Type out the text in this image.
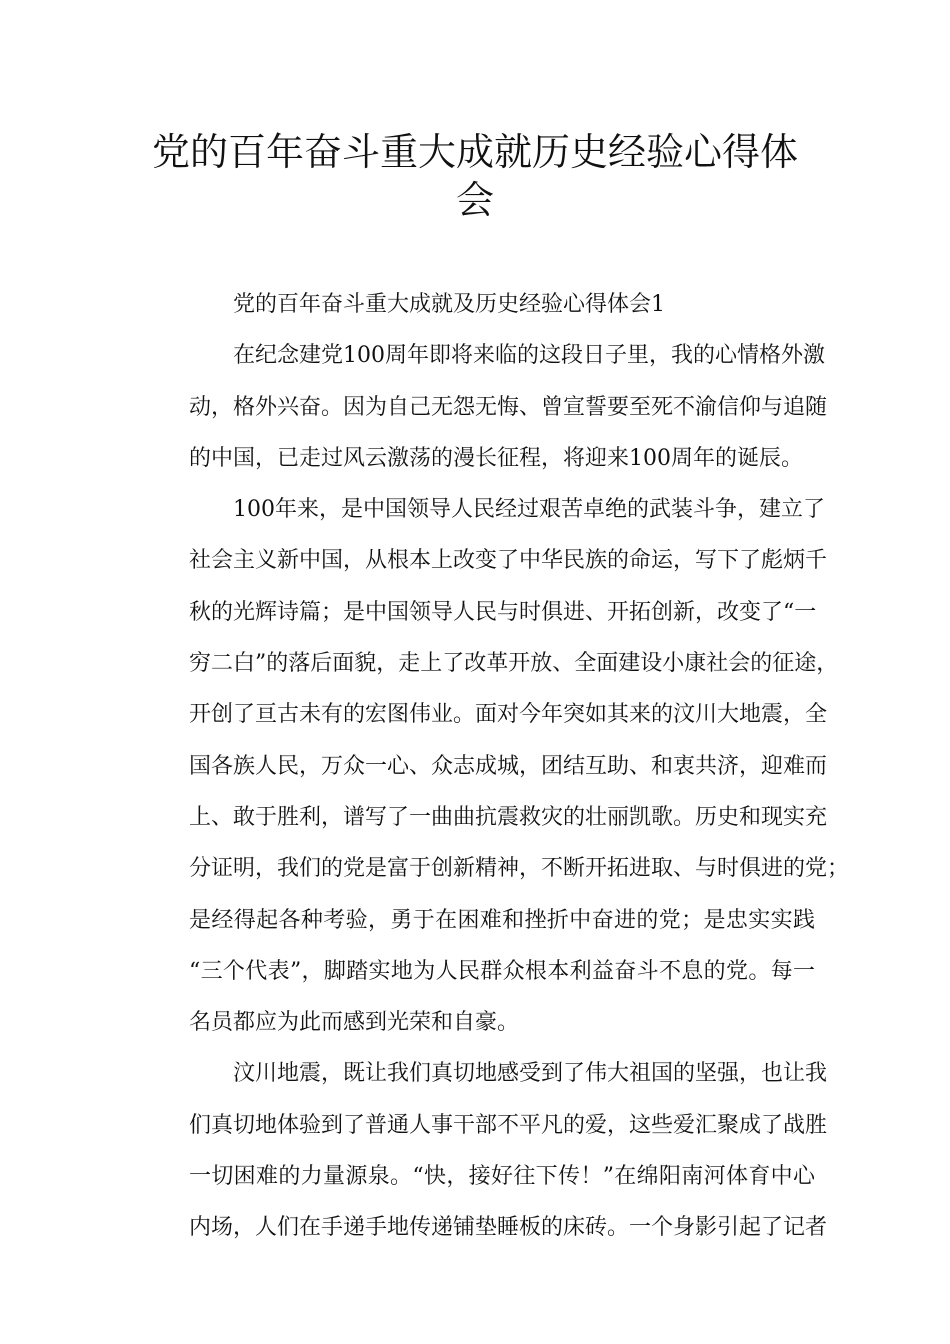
党的百年奋斗重大成就历史经验心得体
会

党的百年奋斗重大成就及历史经验心得体会1

在纪念建党100周年即将来临的这段日子里，我的心情格外激
动，格外兴奋。因为自己无怨无悔、曾宣誓要至死不渝信仰与追随
的中国，已走过风云激荡的漫长征程，将迎来100周年的诞辰。

100年来，是中国领导人民经过艰苦卓绝的武装斗争，建立了
社会主义新中国，从根本上改变了中华民族的命运，写下了彪炳千
秋的光辉诗篇；是中国领导人民与时俱进、开拓创新，改变了“一
穷二白”的落后面貌，走上了改革开放、全面建设小康社会的征途，
开创了亘古未有的宏图伟业。面对今年突如其来的汶川大地震，全
国各族人民，万众一心、众志成城，团结互助、和衷共济，迎难而
上、敢于胜利，谱写了一曲曲抗震救灾的壮丽凯歌。历史和现实充
分证明，我们的党是富于创新精神，不断开拓进取、与时俱进的党；
是经得起各种考验，勇于在困难和挫折中奋进的党；是忠实实践
“三个代表”，脚踏实地为人民群众根本利益奋斗不息的党。每一
名员都应为此而感到光荣和自豪。

汶川地震，既让我们真切地感受到了伟大祖国的坚强，也让我
们真切地体验到了普通人事干部不平凡的爱，这些爱汇聚成了战胜
一切困难的力量源泉。“快，接好往下传！”在绵阳南河体育中心
内场，人们在手递手地传递铺垫睡板的床砖。一个身影引起了记者
